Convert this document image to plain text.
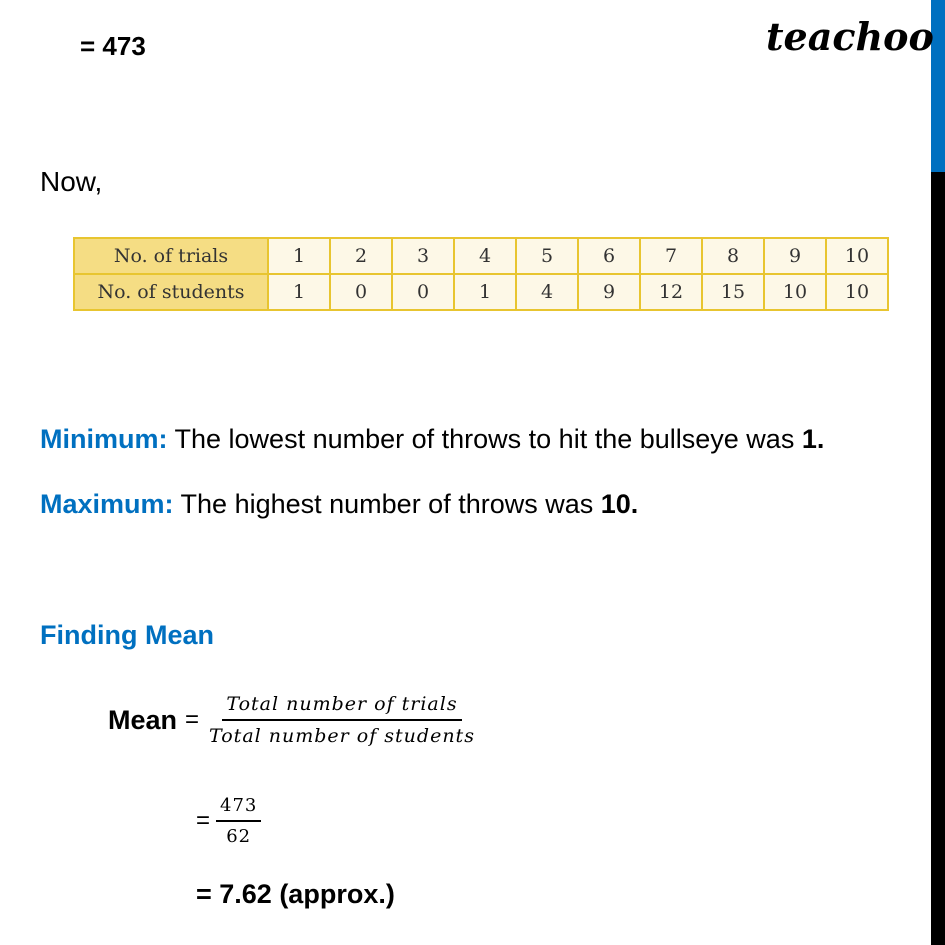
teachoo
= 473
Now,
No. of trials	1	2	3	4	5	6	7	8	9	10
No. of students	1	0	0	1	4	9	12	15	10	10
Minimum: The lowest number of throws to hit the bullseye was 1.
Maximum: The highest number of throws was 10.
Finding Mean
Mean = $\frac{\text{Total number of trials}}{\text{Total number of students}}$
= $\frac{473}{62}$
= 7.62 (approx.)
